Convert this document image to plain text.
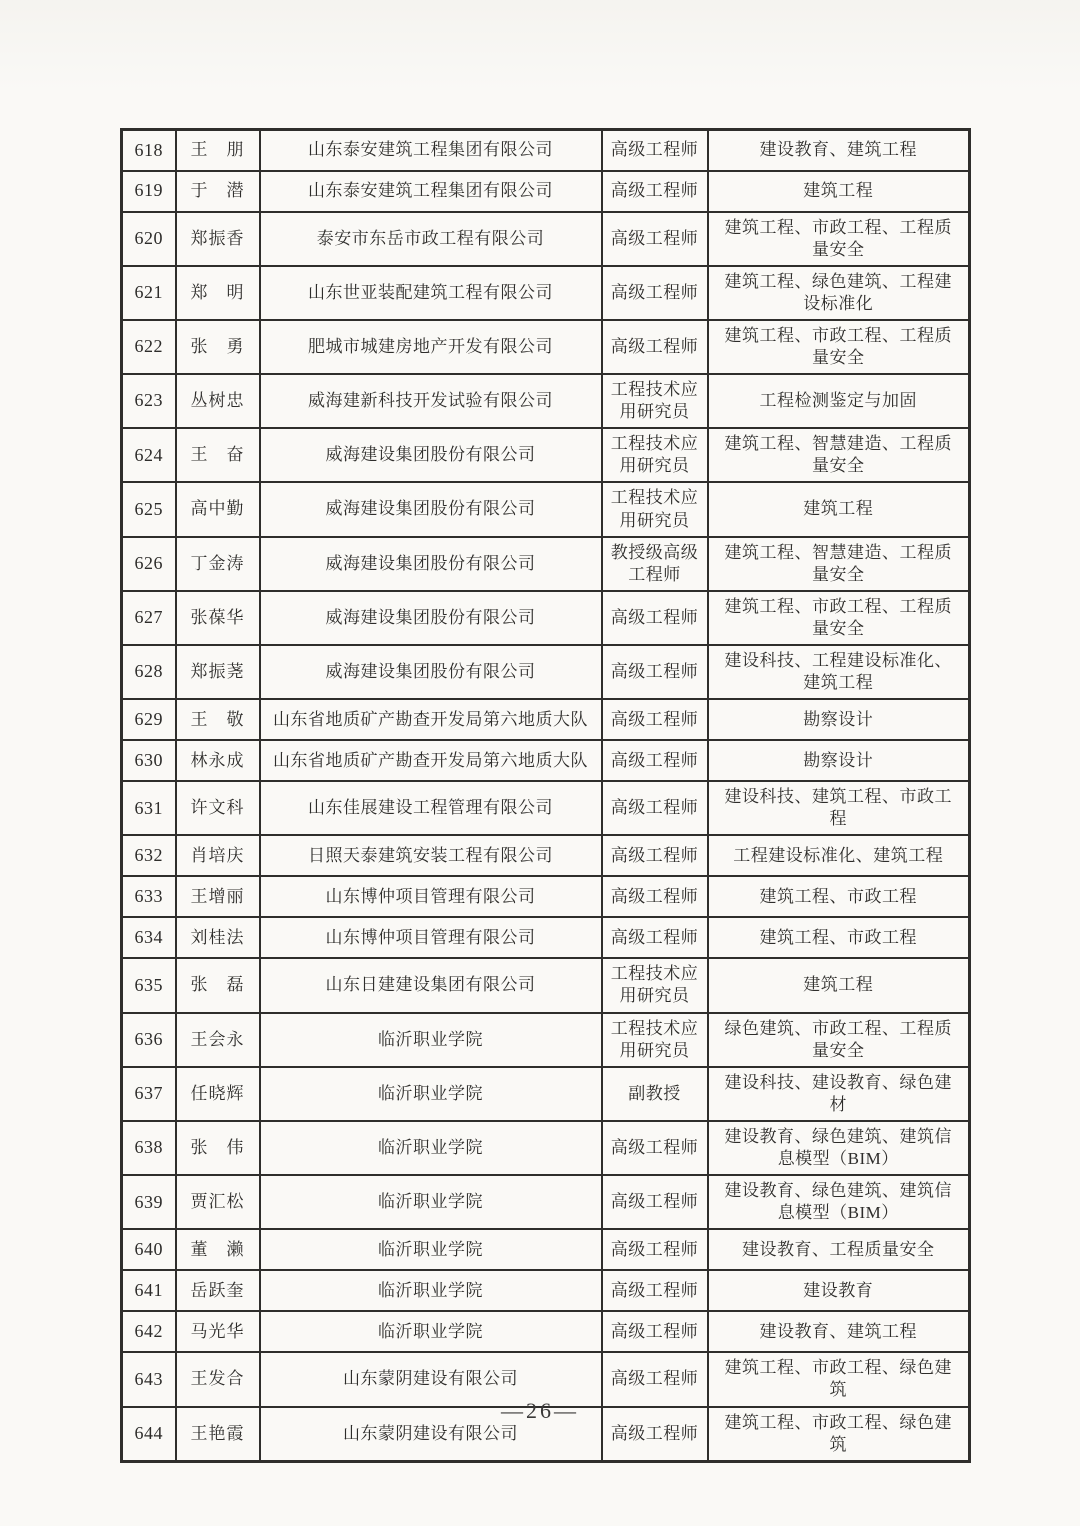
618	王　朋	山东泰安建筑工程集团有限公司	高级工程师	建设教育、建筑工程
619	于　潜	山东泰安建筑工程集团有限公司	高级工程师	建筑工程
620	郑振香	泰安市东岳市政工程有限公司	高级工程师	建筑工程、市政工程、工程质量安全
621	郑　明	山东世亚装配建筑工程有限公司	高级工程师	建筑工程、绿色建筑、工程建设标准化
622	张　勇	肥城市城建房地产开发有限公司	高级工程师	建筑工程、市政工程、工程质量安全
623	丛树忠	威海建新科技开发试验有限公司	工程技术应用研究员	工程检测鉴定与加固
624	王　奋	威海建设集团股份有限公司	工程技术应用研究员	建筑工程、智慧建造、工程质量安全
625	高中勤	威海建设集团股份有限公司	工程技术应用研究员	建筑工程
626	丁金涛	威海建设集团股份有限公司	教授级高级工程师	建筑工程、智慧建造、工程质量安全
627	张葆华	威海建设集团股份有限公司	高级工程师	建筑工程、市政工程、工程质量安全
628	郑振荛	威海建设集团股份有限公司	高级工程师	建设科技、工程建设标准化、建筑工程
629	王　敬	山东省地质矿产勘查开发局第六地质大队	高级工程师	勘察设计
630	林永成	山东省地质矿产勘查开发局第六地质大队	高级工程师	勘察设计
631	许文科	山东佳展建设工程管理有限公司	高级工程师	建设科技、建筑工程、市政工程
632	肖培庆	日照天泰建筑安装工程有限公司	高级工程师	工程建设标准化、建筑工程
633	王增丽	山东博仲项目管理有限公司	高级工程师	建筑工程、市政工程
634	刘桂法	山东博仲项目管理有限公司	高级工程师	建筑工程、市政工程
635	张　磊	山东日建建设集团有限公司	工程技术应用研究员	建筑工程
636	王会永	临沂职业学院	工程技术应用研究员	绿色建筑、市政工程、工程质量安全
637	任晓辉	临沂职业学院	副教授	建设科技、建设教育、绿色建材
638	张　伟	临沂职业学院	高级工程师	建设教育、绿色建筑、建筑信息模型（BIM）
639	贾汇松	临沂职业学院	高级工程师	建设教育、绿色建筑、建筑信息模型（BIM）
640	董　濑	临沂职业学院	高级工程师	建设教育、工程质量安全
641	岳跃奎	临沂职业学院	高级工程师	建设教育
642	马光华	临沂职业学院	高级工程师	建设教育、建筑工程
643	王发合	山东蒙阴建设有限公司	高级工程师	建筑工程、市政工程、绿色建筑
644	王艳霞	山东蒙阴建设有限公司	高级工程师	建筑工程、市政工程、绿色建筑
—26—
